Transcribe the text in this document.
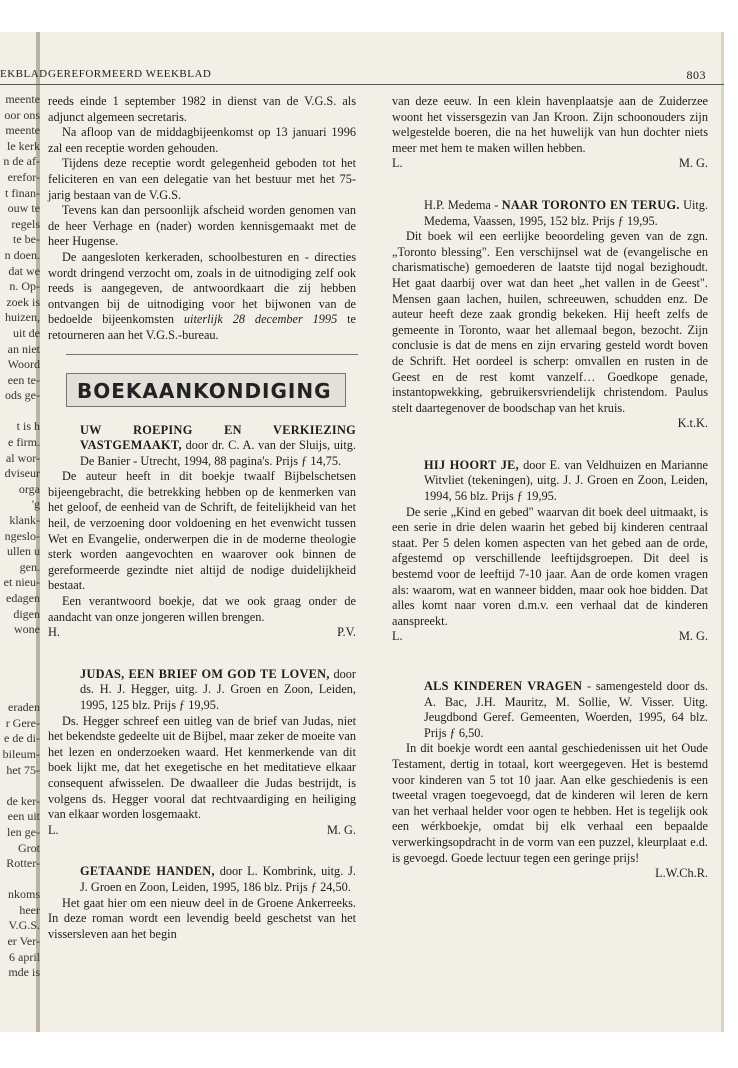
EKBLAD GEREFORMEERD WEEKBLAD	803
meente
oor ons
meente
le kerk
n de af-
erefor-
t finan-
ouw te
regels
te be-
n doen.
dat we
n. Op-
zoek is
huizen,
uit de
an niet
Woord
een te-
ods ge-

t is h
e firm.
al wor-
dviseur
orga
'g
klank-
ngeslo-
ullen u
gen.
et nieu-
edagen
digen
wone

eraden
r Gere-
e de di-
bileum-
het 75-

de ker-
een uit
len ge-
Grot
Rotter-

nkoms
heer
V.G.S.
er Ver-
6 april
mde is

reeds einde 1 september 1982 in dienst van de V.G.S. als adjunct algemeen secretaris.

Na afloop van de middagbijeenkomst op 13 januari 1996 zal een receptie worden gehouden.

Tijdens deze receptie wordt gelegenheid geboden tot het feliciteren en van een delegatie van het bestuur met het 75-jarig bestaan van de V.G.S.

Tevens kan dan persoonlijk afscheid worden genomen van de heer Verhage en (nader) worden kennisgemaakt met de heer Hugense.

De aangesloten kerkeraden, schoolbesturen en - directies wordt dringend verzocht om, zoals in de uitnodiging zelf ook reeds is aangegeven, de antwoordkaart die zij hebben ontvangen bij de uitnodiging voor het bijwonen van de bedoelde bijeenkomsten uiterlijk 28 december 1995 te retourneren aan het V.G.S.-bureau.

BOEKAANKONDIGING

UW ROEPING EN VERKIEZING VASTGEMAAKT, door dr. C. A. van der Sluijs, uitg. De Banier - Utrecht, 1994, 88 pagina's. Prijs ƒ 14,75.

De auteur heeft in dit boekje twaalf Bijbelschetsen bijeengebracht, die betrekking hebben op de kenmerken van het geloof, de eenheid van de Schrift, de feitelijkheid van het heil, de verzoening door voldoening en het evenwicht tussen Wet en Evangelie, onderwerpen die in de moderne theologie sterk worden aangevochten en waarover ook binnen de gereformeerde gezindte niet altijd de nodige duidelijkheid bestaat.

Een verantwoord boekje, dat we ook graag onder de aandacht van onze jongeren willen brengen.

H.	P.V.

JUDAS, EEN BRIEF OM GOD TE LOVEN, door ds. H. J. Hegger, uitg. J. J. Groen en Zoon, Leiden, 1995, 125 blz. Prijs ƒ 19,95.

Ds. Hegger schreef een uitleg van de brief van Judas, niet het bekendste gedeelte uit de Bijbel, maar zeker de moeite van het lezen en onderzoeken waard. Het kenmerkende van dit boek lijkt me, dat het exegetische en het meditatieve elkaar consequent afwisselen. De dwaalleer die Judas bestrijdt, is volgens ds. Hegger vooral dat rechtvaardiging en heiliging van elkaar worden losgemaakt.

L.	M. G.

GETAANDE HANDEN, door L. Kombrink, uitg. J. J. Groen en Zoon, Leiden, 1995, 186 blz. Prijs ƒ 24,50.

Het gaat hier om een nieuw deel in de Groene Ankerreeks. In deze roman wordt een levendig beeld geschetst van het vissersleven aan het begin

van deze eeuw. In een klein havenplaatsje aan de Zuiderzee woont het vissersgezin van Jan Kroon. Zijn schoonouders zijn welgestelde boeren, die na het huwelijk van hun dochter niets meer met hem te maken willen hebben.

L.	M. G.

H.P. Medema - NAAR TORONTO EN TERUG. Uitg. Medema, Vaassen, 1995, 152 blz. Prijs ƒ 19,95.

Dit boek wil een eerlijke beoordeling geven van de zgn. „Toronto blessing". Een verschijnsel wat de (evangelische en charismatische) gemoederen de laatste tijd nogal bezighoudt. Het gaat daarbij over wat dan heet „het vallen in de Geest". Mensen gaan lachen, huilen, schreeuwen, schudden enz. De auteur heeft deze zaak grondig bekeken. Hij heeft zelfs de gemeente in Toronto, waar het allemaal begon, bezocht. Zijn conclusie is dat de mens en zijn ervaring gesteld wordt boven de Schrift. Het oordeel is scherp: omvallen en rusten in de Geest en de rest komt vanzelf… Goedkope genade, instantopwekking, gebruikersvriendelijk christendom. Paulus stelt daartegenover de boodschap van het kruis.

K.t.K.

HIJ HOORT JE, door E. van Veldhuizen en Marianne Witvliet (tekeningen), uitg. J. J. Groen en Zoon, Leiden, 1994, 56 blz. Prijs ƒ 19,95.

De serie „Kind en gebed" waarvan dit boek deel uitmaakt, is een serie in drie delen waarin het gebed bij kinderen centraal staat. Per 5 delen komen aspecten van het gebed aan de orde, afgestemd op verschillende leeftijdsgroepen. Dit deel is bestemd voor de leeftijd 7-10 jaar. Aan de orde komen vragen als: waarom, wat en wanneer bidden, maar ook hoe bidden. Dat alles komt naar voren d.m.v. een verhaal dat de kinderen aanspreekt.

L.	M. G.

ALS KINDEREN VRAGEN - samengesteld door ds. A. Bac, J.H. Mauritz, M. Sollie, W. Visser. Uitg. Jeugdbond Geref. Gemeenten, Woerden, 1995, 64 blz. Prijs ƒ 6,50.

In dit boekje wordt een aantal geschiedenissen uit het Oude Testament, dertig in totaal, kort weergegeven. Het is bestemd voor kinderen van 5 tot 10 jaar. Aan elke geschiedenis is een tweetal vragen toegevoegd, dat de kinderen wil leren de kern van het verhaal helder voor ogen te hebben. Het is tegelijk ook een wérkboekje, omdat bij elk verhaal een bepaalde verwerkingsopdracht in de vorm van een puzzel, kleurplaat e.d. is gevoegd. Goede lectuur tegen een geringe prijs!

L.W.Ch.R.
